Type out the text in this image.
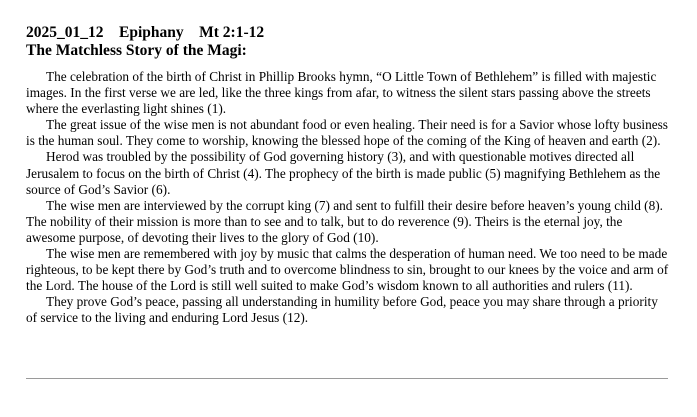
2025_01_12 Epiphany Mt 2:1-12
The Matchless Story of the Magi:

The celebration of the birth of Christ in Phillip Brooks hymn, “O Little Town of Bethlehem” is filled with majestic images. In the first verse we are led, like the three kings from afar, to witness the silent stars passing above the streets where the everlasting light shines (1).

The great issue of the wise men is not abundant food or even healing. Their need is for a Savior whose lofty business is the human soul. They come to worship, knowing the blessed hope of the coming of the King of heaven and earth (2).

Herod was troubled by the possibility of God governing history (3), and with questionable motives directed all Jerusalem to focus on the birth of Christ (4). The prophecy of the birth is made public (5) magnifying Bethlehem as the source of God’s Savior (6).

The wise men are interviewed by the corrupt king (7) and sent to fulfill their desire before heaven’s young child (8). The nobility of their mission is more than to see and to talk, but to do reverence (9). Theirs is the eternal joy, the awesome purpose, of devoting their lives to the glory of God (10).

The wise men are remembered with joy by music that calms the desperation of human need. We too need to be made righteous, to be kept there by God’s truth and to overcome blindness to sin, brought to our knees by the voice and arm of the Lord. The house of the Lord is still well suited to make God’s wisdom known to all authorities and rulers (11).

They prove God’s peace, passing all understanding in humility before God, peace you may share through a priority of service to the living and enduring Lord Jesus (12).
